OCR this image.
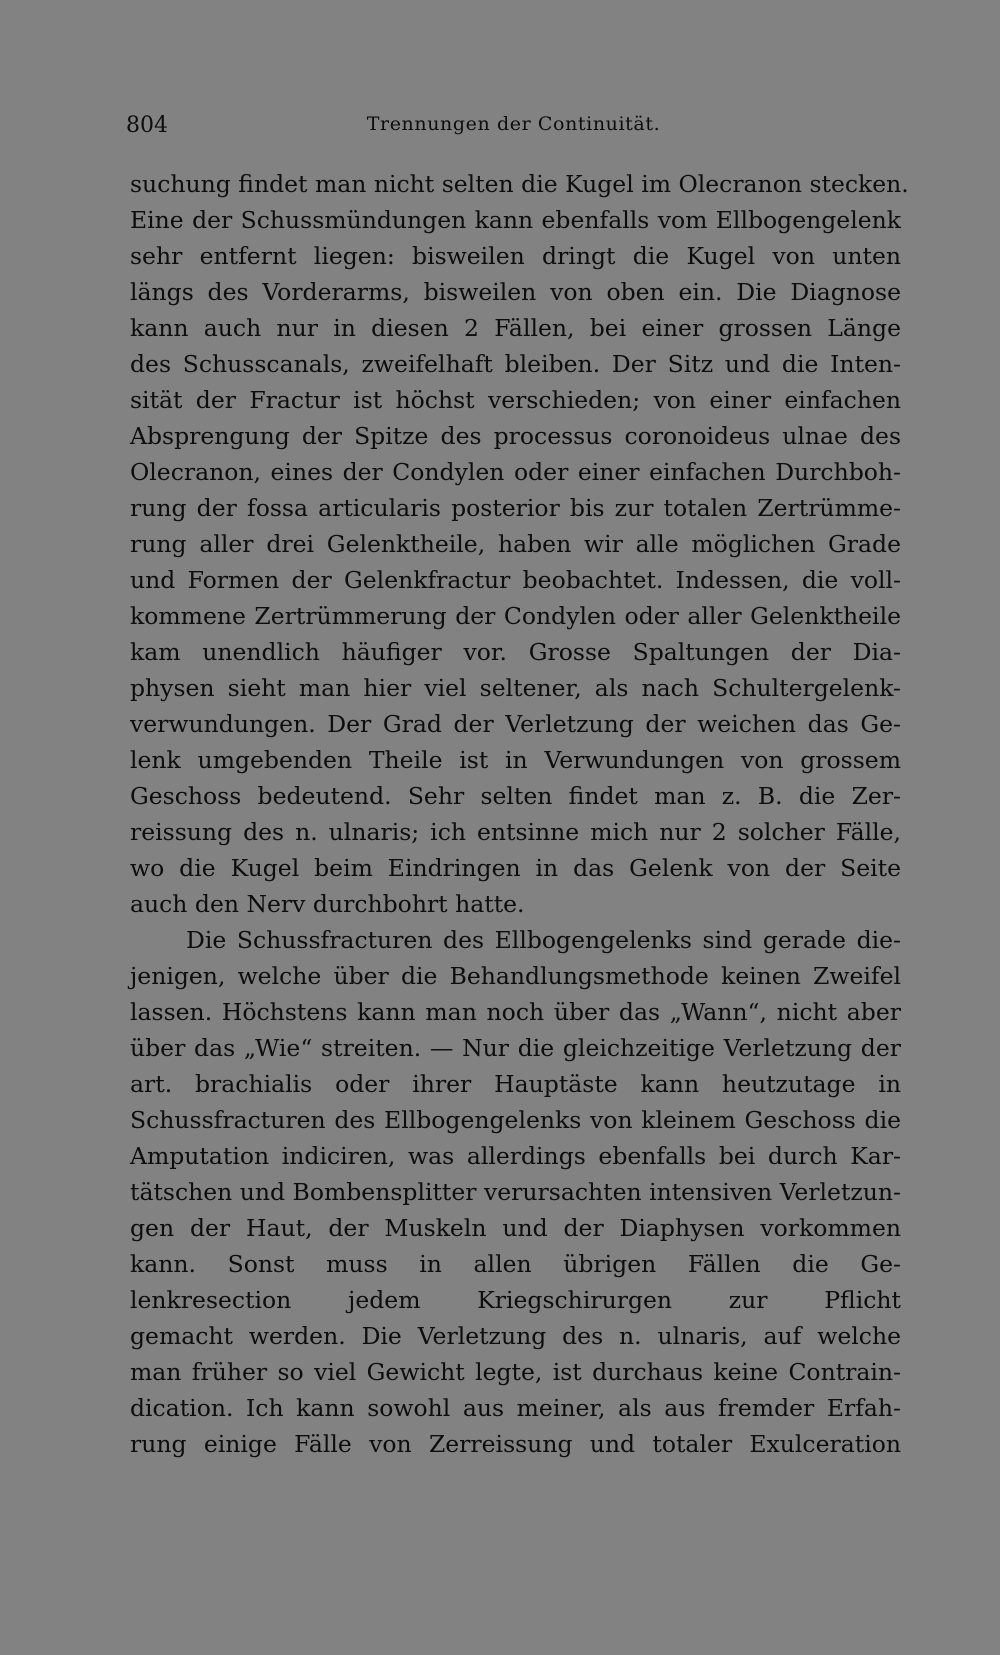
804	Trennungen der Continuität.
suchung findet man nicht selten die Kugel im Olecranon stecken.
Eine der Schussmündungen kann ebenfalls vom Ellbogengelenk
sehr entfernt liegen: bisweilen dringt die Kugel von unten
längs des Vorderarms, bisweilen von oben ein. Die Diagnose
kann auch nur in diesen 2 Fällen, bei einer grossen Länge
des Schusscanals, zweifelhaft bleiben. Der Sitz und die Inten-
sität der Fractur ist höchst verschieden; von einer einfachen
Absprengung der Spitze des processus coronoideus ulnae des
Olecranon, eines der Condylen oder einer einfachen Durchboh-
rung der fossa articularis posterior bis zur totalen Zertrümme-
rung aller drei Gelenktheile, haben wir alle möglichen Grade
und Formen der Gelenkfractur beobachtet. Indessen, die voll-
kommene Zertrümmerung der Condylen oder aller Gelenktheile
kam unendlich häufiger vor. Grosse Spaltungen der Dia-
physen sieht man hier viel seltener, als nach Schultergelenk-
verwundungen. Der Grad der Verletzung der weichen das Ge-
lenk umgebenden Theile ist in Verwundungen von grossem
Geschoss bedeutend. Sehr selten findet man z. B. die Zer-
reissung des n. ulnaris; ich entsinne mich nur 2 solcher Fälle,
wo die Kugel beim Eindringen in das Gelenk von der Seite
auch den Nerv durchbohrt hatte.
Die Schussfracturen des Ellbogengelenks sind gerade die-
jenigen, welche über die Behandlungsmethode keinen Zweifel
lassen. Höchstens kann man noch über das „Wann“, nicht aber
über das „Wie“ streiten. — Nur die gleichzeitige Verletzung der
art. brachialis oder ihrer Hauptäste kann heutzutage in
Schussfracturen des Ellbogengelenks von kleinem Geschoss die
Amputation indiciren, was allerdings ebenfalls bei durch Kar-
tätschen und Bombensplitter verursachten intensiven Verletzun-
gen der Haut, der Muskeln und der Diaphysen vorkommen
kann. Sonst muss in allen übrigen Fällen die Ge-
lenkresection jedem Kriegschirurgen zur Pflicht
gemacht werden. Die Verletzung des n. ulnaris, auf welche
man früher so viel Gewicht legte, ist durchaus keine Contrain-
dication. Ich kann sowohl aus meiner, als aus fremder Erfah-
rung einige Fälle von Zerreissung und totaler Exulceration
